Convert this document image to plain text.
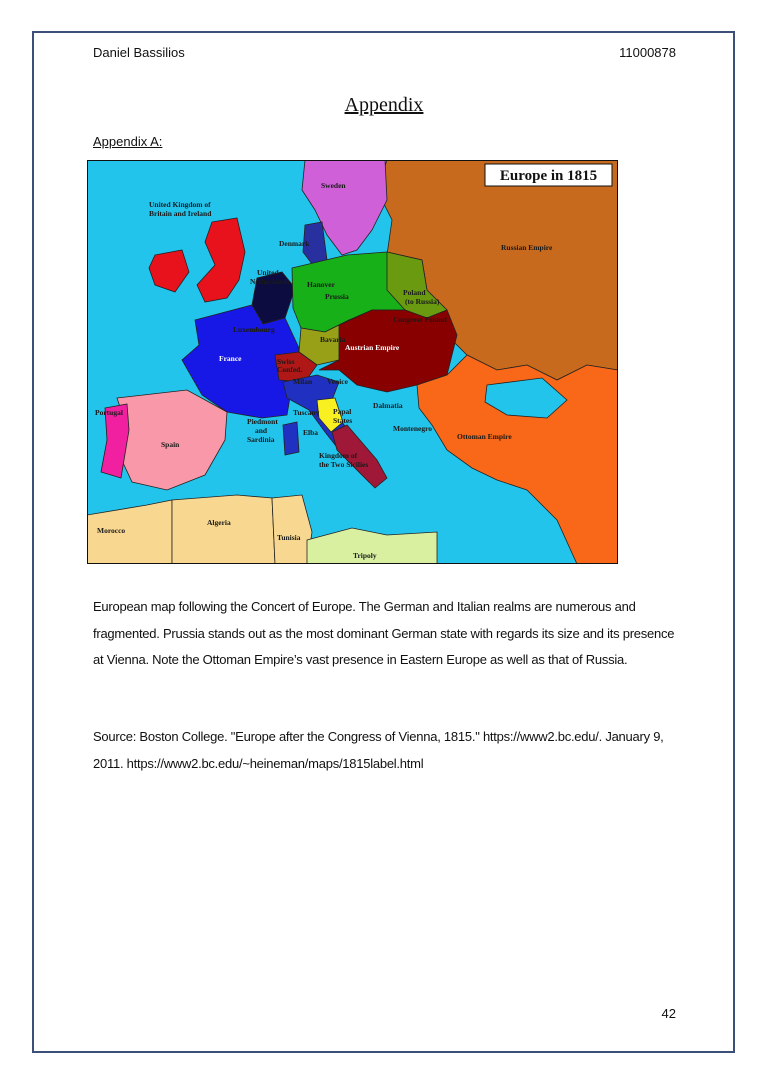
Daniel Bassilios	11000878
Appendix
Appendix A:
Europe in 1815
Sweden
United Kingdom of
Britain and Ireland
Denmark	Russian Empire
United
Netherlands Hanover
Prussia	Poland
(to Russia)
Congress Poland
Luxembourg
Bavaria
Austrian Empire
France	Swiss
Confed.
Milan Venice
Portugal	Tuscany Papal
States
Dalmatia
Piedmont
and
Sardinia
Elba	Montenegro
Ottoman Empire
Spain
Kingdom of
the Two Sicilies
Algeria
Morocco
Tunisia
Tripoly
European map following the Concert of Europe. The German and Italian realms are numerous and fragmented. Prussia stands out as the most dominant German state with regards its size and its presence at Vienna. Note the Ottoman Empire’s vast presence in Eastern Europe as well as that of Russia.
Source: Boston College. "Europe after the Congress of Vienna, 1815." https://www2.bc.edu/. January 9, 2011. https://www2.bc.edu/~heineman/maps/1815label.html
42
